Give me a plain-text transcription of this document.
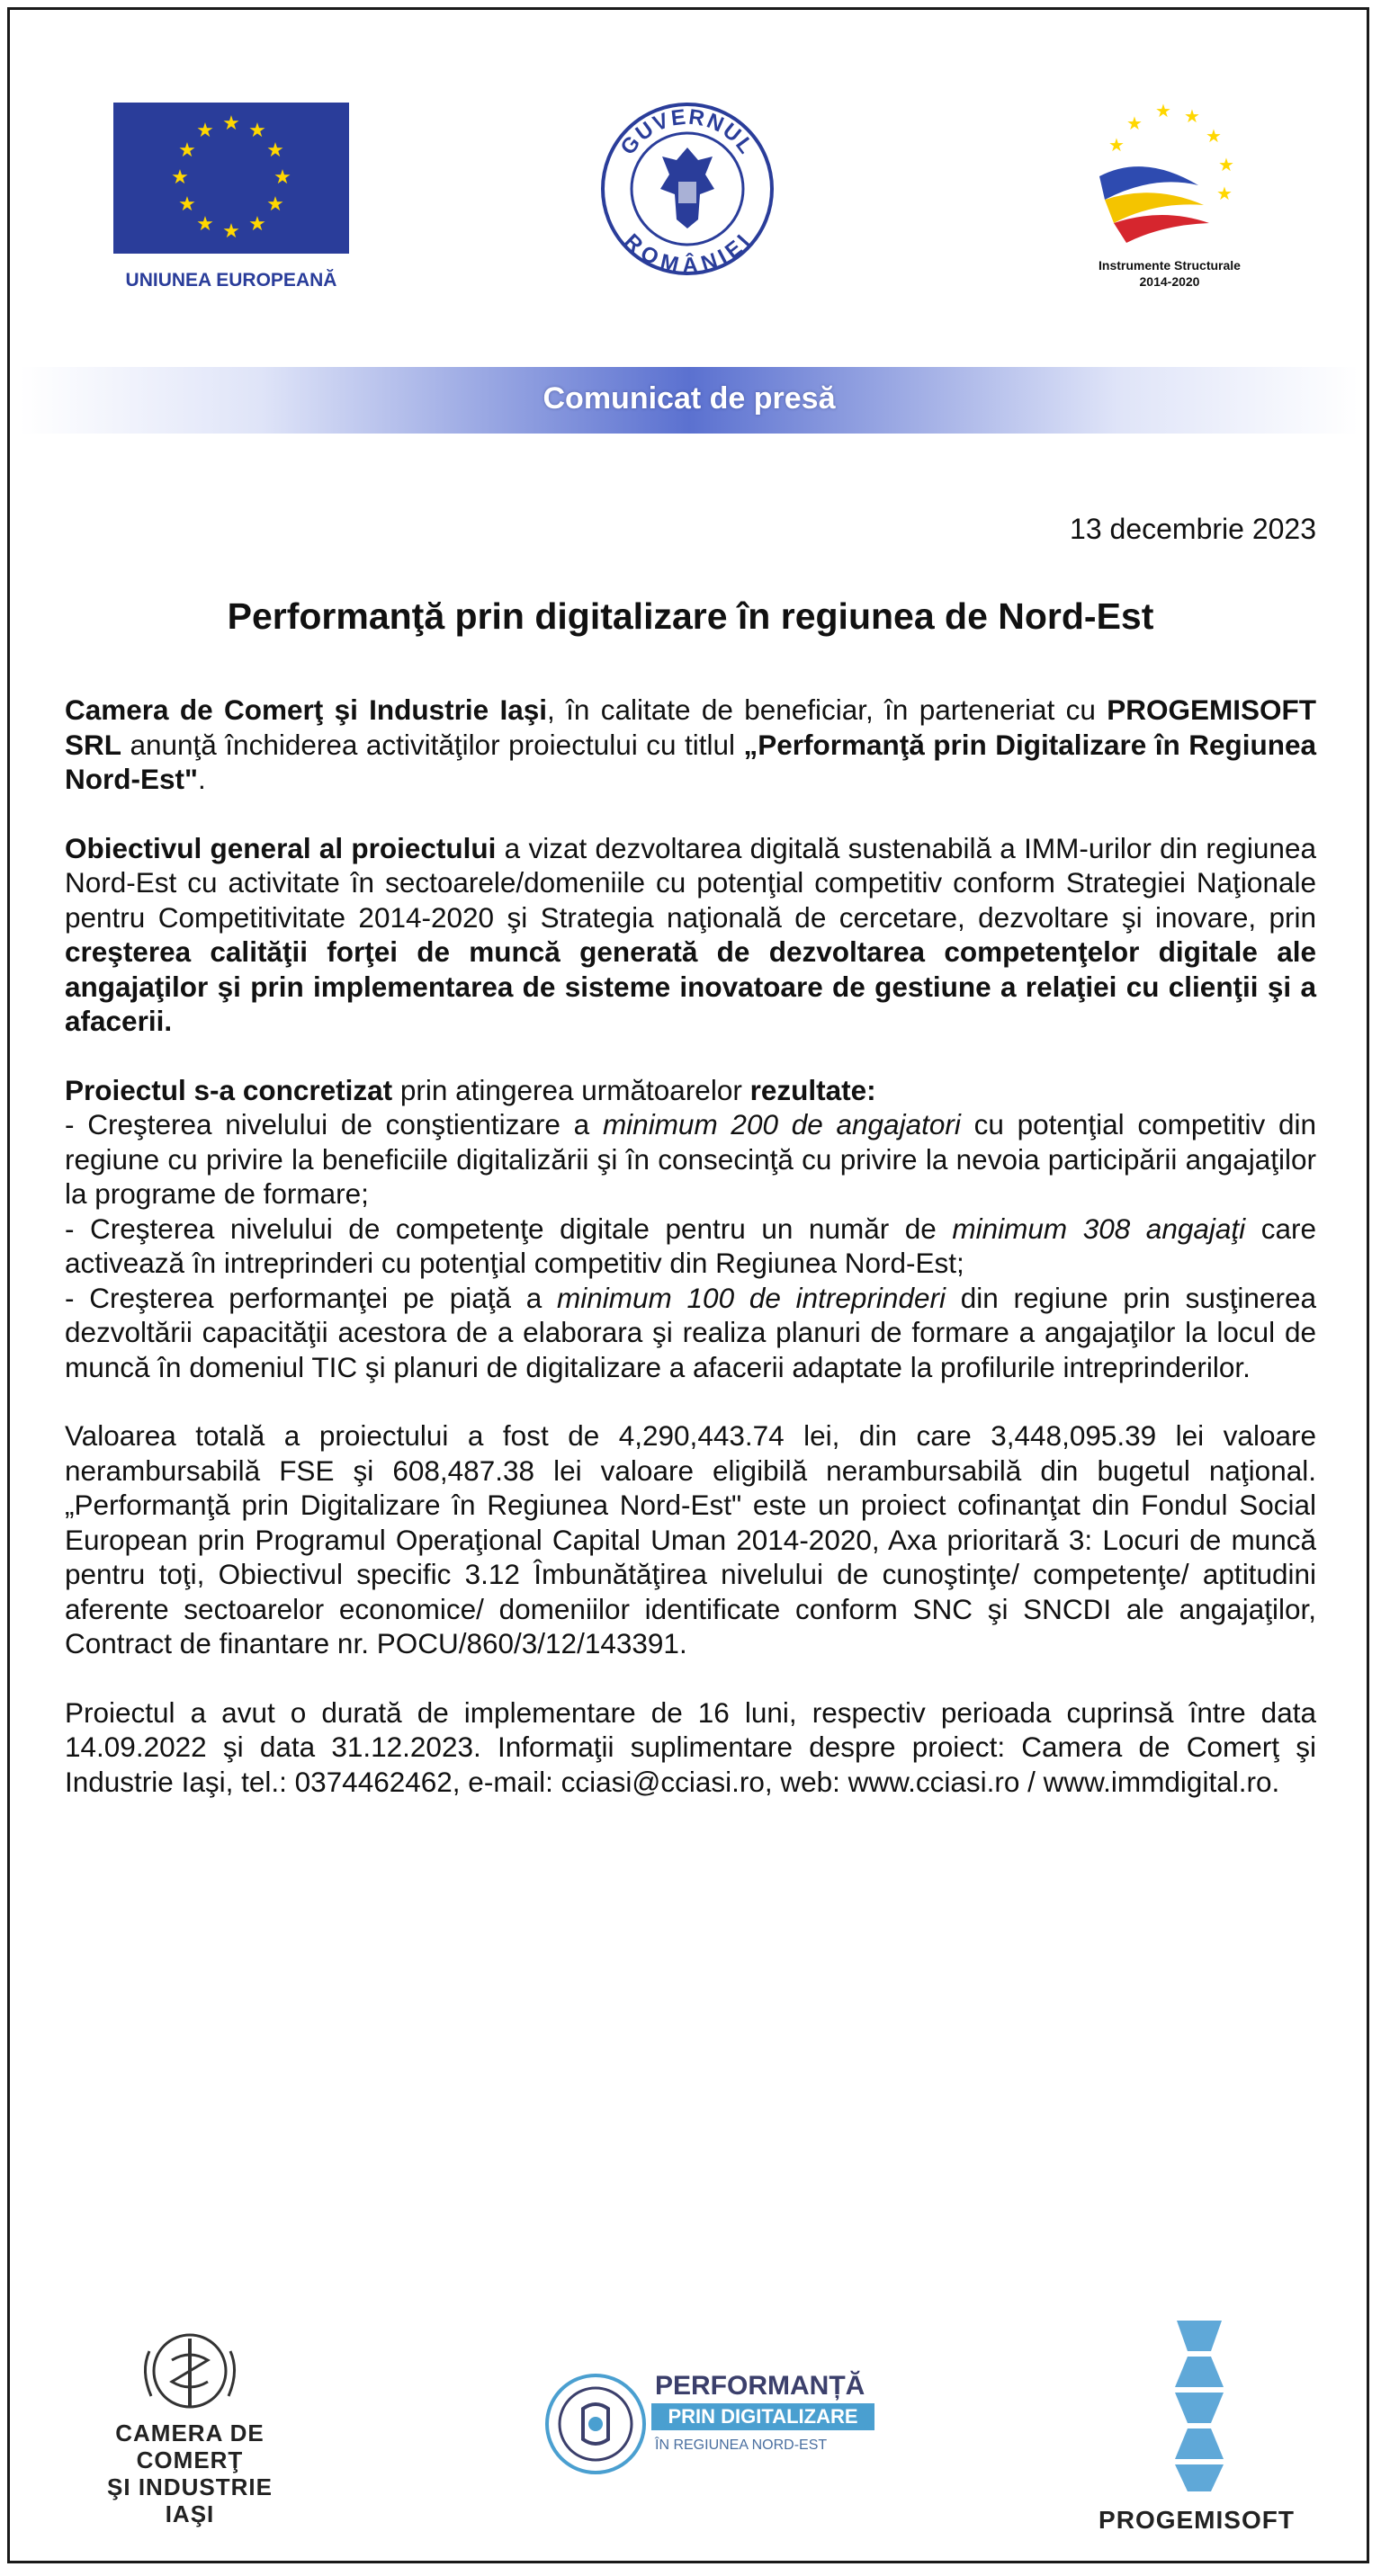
★ ★
★
★
★
★
★
★
★
★
★
★
UNIUNEA EUROPEANĂ
GUVERNUL
ROMÂNIEI
★
★ ★
★
★
★
★
Instrumente Structurale
2014-2020
Comunicat de presă
13 decembrie 2023
Performanţă prin digitalizare în regiunea de Nord-Est

Camera de Comerţ şi Industrie Iaşi, în calitate de beneficiar, în parteneriat cu PROGEMISOFT SRL anunţă închiderea activităţilor proiectului cu titlul „Performanţă prin Digitalizare în Regiunea Nord-Est".

Obiectivul general al proiectului a vizat dezvoltarea digitală sustenabilă a IMM-urilor din regiunea Nord-Est cu activitate în sectoarele/domeniile cu potenţial competitiv conform Strategiei Naţionale pentru Competitivitate 2014-2020 şi Strategia naţională de cercetare, dezvoltare şi inovare, prin creşterea calităţii forţei de muncă generată de dezvoltarea competenţelor digitale ale angajaţilor şi prin implementarea de sisteme inovatoare de gestiune a relaţiei cu clienţii şi a afacerii.

Proiectul s-a concretizat prin atingerea următoarelor rezultate:
- Creşterea nivelului de conştientizare a minimum 200 de angajatori cu potenţial competitiv din regiune cu privire la beneficiile digitalizării şi în consecinţă cu privire la nevoia participării angajaţilor la programe de formare;
- Creşterea nivelului de competenţe digitale pentru un număr de minimum 308 angajaţi care activează în intreprinderi cu potenţial competitiv din Regiunea Nord-Est;
- Creşterea performanţei pe piaţă a minimum 100 de intreprinderi din regiune prin susţinerea dezvoltării capacităţii acestora de a elaborara şi realiza planuri de formare a angajaţilor la locul de muncă în domeniul TIC şi planuri de digitalizare a afacerii adaptate la profilurile intreprinderilor.

Valoarea totală a proiectului a fost de 4,290,443.74 lei, din care 3,448,095.39 lei valoare nerambursabilă FSE şi 608,487.38 lei valoare eligibilă nerambursabilă din bugetul naţional. „Performanţă prin Digitalizare în Regiunea Nord-Est" este un proiect cofinanţat din Fondul Social European prin Programul Operaţional Capital Uman 2014-2020, Axa prioritară 3: Locuri de muncă pentru toţi, Obiectivul specific 3.12 Îmbunătăţirea nivelului de cunoştinţe/ competenţe/ aptitudini aferente sectoarelor economice/ domeniilor identificate conform SNC şi SNCDI ale angajaţilor, Contract de finantare nr. POCU/860/3/12/143391.

Proiectul a avut o durată de implementare de 16 luni, respectiv perioada cuprinsă între data 14.09.2022 şi data 31.12.2023. Informaţii suplimentare despre proiect: Camera de Comerţ şi Industrie Iaşi, tel.: 0374462462, e-mail: cciasi@cciasi.ro, web: www.cciasi.ro / www.immdigital.ro.

CAMERA DE COMERŢ
ŞI INDUSTRIE
IAŞI
PERFORMANȚĂ
PRIN DIGITALIZARE
ÎN REGIUNEA NORD-EST
PROGEMISOFT
